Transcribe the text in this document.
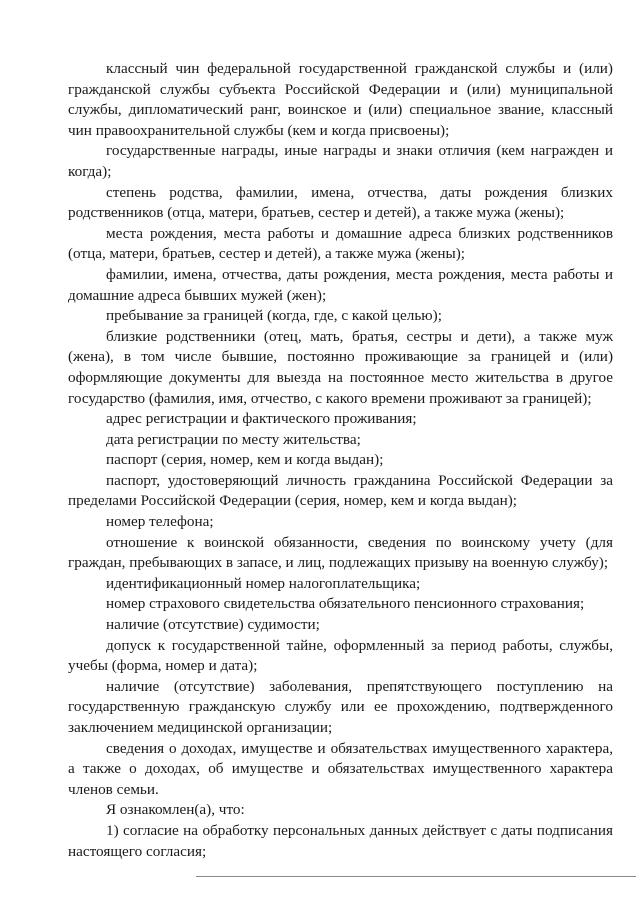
классный чин федеральной государственной гражданской службы и (или) гражданской службы субъекта Российской Федерации и (или) муниципальной службы, дипломатический ранг, воинское и (или) специальное звание, классный чин правоохранительной службы (кем и когда присвоены);

государственные награды, иные награды и знаки отличия (кем награжден и когда);

степень родства, фамилии, имена, отчества, даты рождения близких родственников (отца, матери, братьев, сестер и детей), а также мужа (жены);

места рождения, места работы и домашние адреса близких родственников (отца, матери, братьев, сестер и детей), а также мужа (жены);

фамилии, имена, отчества, даты рождения, места рождения, места работы и домашние адреса бывших мужей (жен);

пребывание за границей (когда, где, с какой целью);

близкие родственники (отец, мать, братья, сестры и дети), а также муж (жена), в том числе бывшие, постоянно проживающие за границей и (или) оформляющие документы для выезда на постоянное место жительства в другое государство (фамилия, имя, отчество, с какого времени проживают за границей);

адрес регистрации и фактического проживания;

дата регистрации по месту жительства;

паспорт (серия, номер, кем и когда выдан);

паспорт, удостоверяющий личность гражданина Российской Федерации за пределами Российской Федерации (серия, номер, кем и когда выдан);

номер телефона;

отношение к воинской обязанности, сведения по воинскому учету (для граждан, пребывающих в запасе, и лиц, подлежащих призыву на военную службу);

идентификационный номер налогоплательщика;

номер страхового свидетельства обязательного пенсионного страхования;

наличие (отсутствие) судимости;

допуск к государственной тайне, оформленный за период работы, службы, учебы (форма, номер и дата);

наличие (отсутствие) заболевания, препятствующего поступлению на государственную гражданскую службу или ее прохождению, подтвержденного заключением медицинской организации;

сведения о доходах, имуществе и обязательствах имущественного характера, а также о доходах, об имуществе и обязательствах имущественного характера членов семьи.

Я ознакомлен(а), что:

1) согласие на обработку персональных данных действует с даты подписания настоящего согласия;
